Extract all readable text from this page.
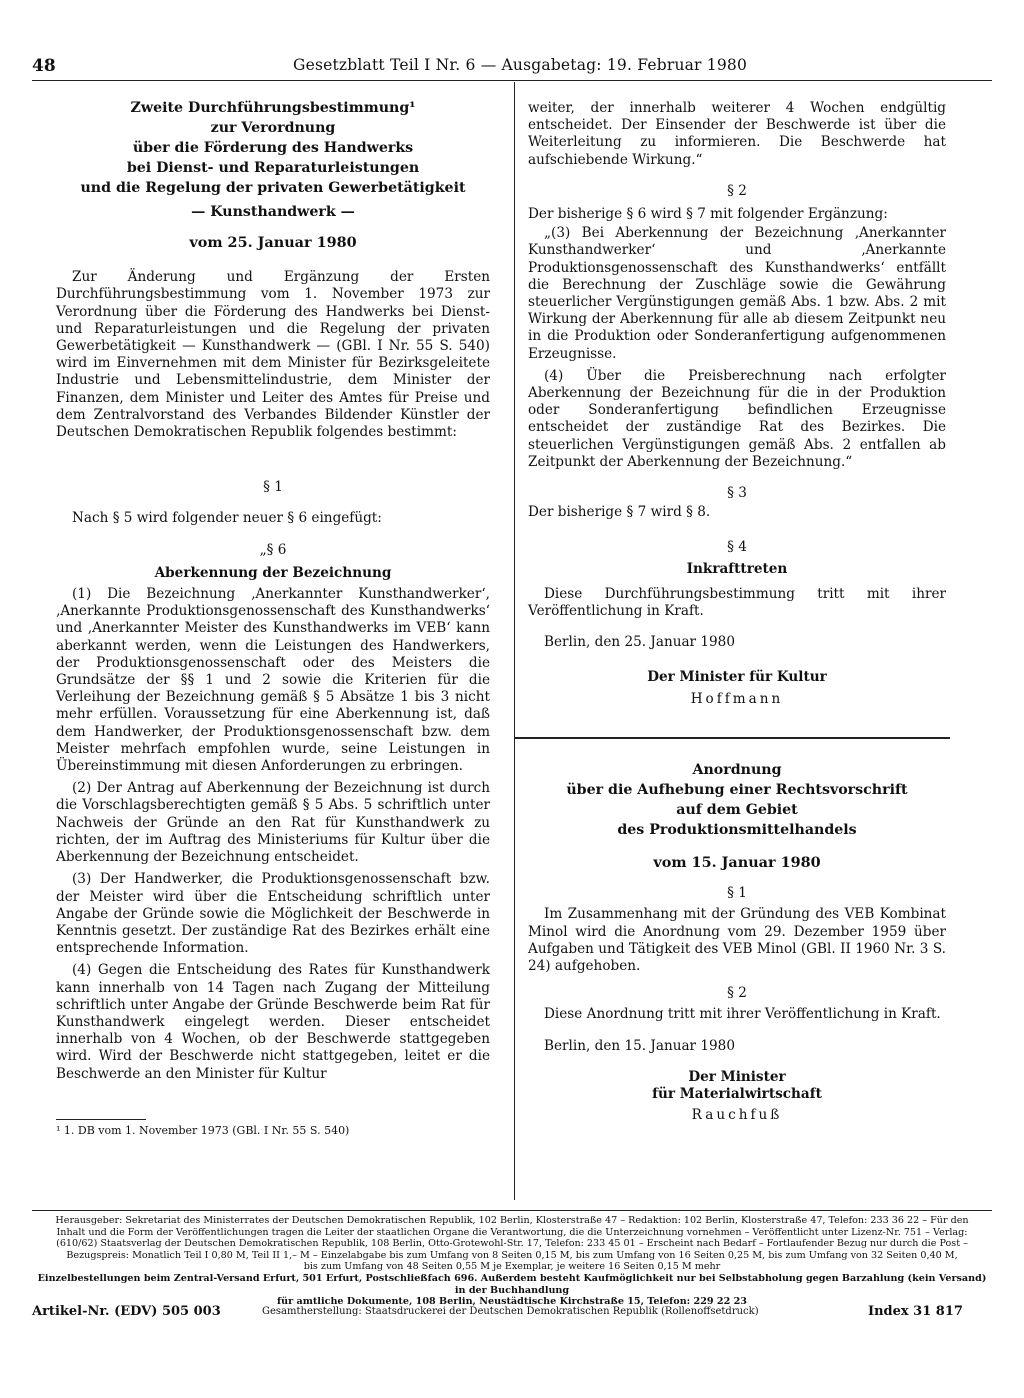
48	Gesetzblatt Teil I Nr. 6 — Ausgabetag: 19. Februar 1980
Zweite Durchführungsbestimmung¹
zur Verordnung
über die Förderung des Handwerks
bei Dienst- und Reparaturleistungen
und die Regelung der privaten Gewerbetätigkeit
— Kunsthandwerk —
vom 25. Januar 1980

Zur Änderung und Ergänzung der Ersten Durchführungsbestimmung vom 1. November 1973 zur Verordnung über die Förderung des Handwerks bei Dienst- und Reparaturleistungen und die Regelung der privaten Gewerbetätigkeit — Kunsthandwerk — (GBl. I Nr. 55 S. 540) wird im Einvernehmen mit dem Minister für Bezirksgeleitete Industrie und Lebensmittelindustrie, dem Minister der Finanzen, dem Minister und Leiter des Amtes für Preise und dem Zentralvorstand des Verbandes Bildender Künstler der Deutschen Demokratischen Republik folgendes bestimmt:

§ 1

Nach § 5 wird folgender neuer § 6 eingefügt:

„§ 6
Aberkennung der Bezeichnung

(1) Die Bezeichnung ‚Anerkannter Kunsthandwerker‘, ‚Anerkannte Produktionsgenossenschaft des Kunsthandwerks‘ und ‚Anerkannter Meister des Kunsthandwerks im VEB‘ kann aberkannt werden, wenn die Leistungen des Handwerkers, der Produktionsgenossenschaft oder des Meisters die Grundsätze der §§ 1 und 2 sowie die Kriterien für die Verleihung der Bezeichnung gemäß § 5 Absätze 1 bis 3 nicht mehr erfüllen. Voraussetzung für eine Aberkennung ist, daß dem Handwerker, der Produktionsgenossenschaft bzw. dem Meister mehrfach empfohlen wurde, seine Leistungen in Übereinstimmung mit diesen Anforderungen zu erbringen.

(2) Der Antrag auf Aberkennung der Bezeichnung ist durch die Vorschlagsberechtigten gemäß § 5 Abs. 5 schriftlich unter Nachweis der Gründe an den Rat für Kunsthandwerk zu richten, der im Auftrag des Ministeriums für Kultur über die Aberkennung der Bezeichnung entscheidet.

(3) Der Handwerker, die Produktionsgenossenschaft bzw. der Meister wird über die Entscheidung schriftlich unter Angabe der Gründe sowie die Möglichkeit der Beschwerde in Kenntnis gesetzt. Der zuständige Rat des Bezirkes erhält eine entsprechende Information.

(4) Gegen die Entscheidung des Rates für Kunsthandwerk kann innerhalb von 14 Tagen nach Zugang der Mitteilung schriftlich unter Angabe der Gründe Beschwerde beim Rat für Kunsthandwerk eingelegt werden. Dieser entscheidet innerhalb von 4 Wochen, ob der Beschwerde stattgegeben wird. Wird der Beschwerde nicht stattgegeben, leitet er die Beschwerde an den Minister für Kultur

¹ 1. DB vom 1. November 1973 (GBl. I Nr. 55 S. 540)

weiter, der innerhalb weiterer 4 Wochen endgültig entscheidet. Der Einsender der Beschwerde ist über die Weiterleitung zu informieren. Die Beschwerde hat aufschiebende Wirkung.“

§ 2

Der bisherige § 6 wird § 7 mit folgender Ergänzung:

„(3) Bei Aberkennung der Bezeichnung ‚Anerkannter Kunsthandwerker‘ und ‚Anerkannte Produktionsgenossenschaft des Kunsthandwerks‘ entfällt die Berechnung der Zuschläge sowie die Gewährung steuerlicher Vergünstigungen gemäß Abs. 1 bzw. Abs. 2 mit Wirkung der Aberkennung für alle ab diesem Zeitpunkt neu in die Produktion oder Sonderanfertigung aufgenommenen Erzeugnisse.

(4) Über die Preisberechnung nach erfolgter Aberkennung der Bezeichnung für die in der Produktion oder Sonderanfertigung befindlichen Erzeugnisse entscheidet der zuständige Rat des Bezirkes. Die steuerlichen Vergünstigungen gemäß Abs. 2 entfallen ab Zeitpunkt der Aberkennung der Bezeichnung.“

§ 3

Der bisherige § 7 wird § 8.

§ 4
Inkrafttreten

Diese Durchführungsbestimmung tritt mit ihrer Veröffentlichung in Kraft.

Berlin, den 25. Januar 1980

Der Minister für Kultur
Hoffmann
Anordnung
über die Aufhebung einer Rechtsvorschrift
auf dem Gebiet
des Produktionsmittelhandels
vom 15. Januar 1980
§ 1

Im Zusammenhang mit der Gründung des VEB Kombinat Minol wird die Anordnung vom 29. Dezember 1959 über Aufgaben und Tätigkeit des VEB Minol (GBl. II 1960 Nr. 3 S. 24) aufgehoben.

§ 2

Diese Anordnung tritt mit ihrer Veröffentlichung in Kraft.

Berlin, den 15. Januar 1980

Der Minister
für Materialwirtschaft
Rauchfuß
Herausgeber: Sekretariat des Ministerrates der Deutschen Demokratischen Republik, 102 Berlin, Klosterstraße 47 – Redaktion: 102 Berlin, Klosterstraße 47, Telefon: 233 36 22 – Für den
Inhalt und die Form der Veröffentlichungen tragen die Leiter der staatlichen Organe die Verantwortung, die die Unterzeichnung vornehmen – Veröffentlicht unter Lizenz-Nr. 751 – Verlag:
(610/62) Staatsverlag der Deutschen Demokratischen Republik, 108 Berlin, Otto-Grotewohl-Str. 17, Telefon: 233 45 01 – Erscheint nach Bedarf – Fortlaufender Bezug nur durch die Post –
Bezugspreis: Monatlich Teil I 0,80 M, Teil II 1,– M – Einzelabgabe bis zum Umfang von 8 Seiten 0,15 M, bis zum Umfang von 16 Seiten 0,25 M, bis zum Umfang von 32 Seiten 0,40 M,
bis zum Umfang von 48 Seiten 0,55 M je Exemplar, je weitere 16 Seiten 0,15 M mehr
Einzelbestellungen beim Zentral-Versand Erfurt, 501 Erfurt, Postschließfach 696. Außerdem besteht Kaufmöglichkeit nur bei Selbstabholung gegen Barzahlung (kein Versand) in der Buchhandlung
für amtliche Dokumente, 108 Berlin, Neustädtische Kirchstraße 15, Telefon: 229 22 23
Artikel-Nr. (EDV) 505 003	Gesamtherstellung: Staatsdruckerei der Deutschen Demokratischen Republik (Rollenoffsetdruck)	Index 31 817
